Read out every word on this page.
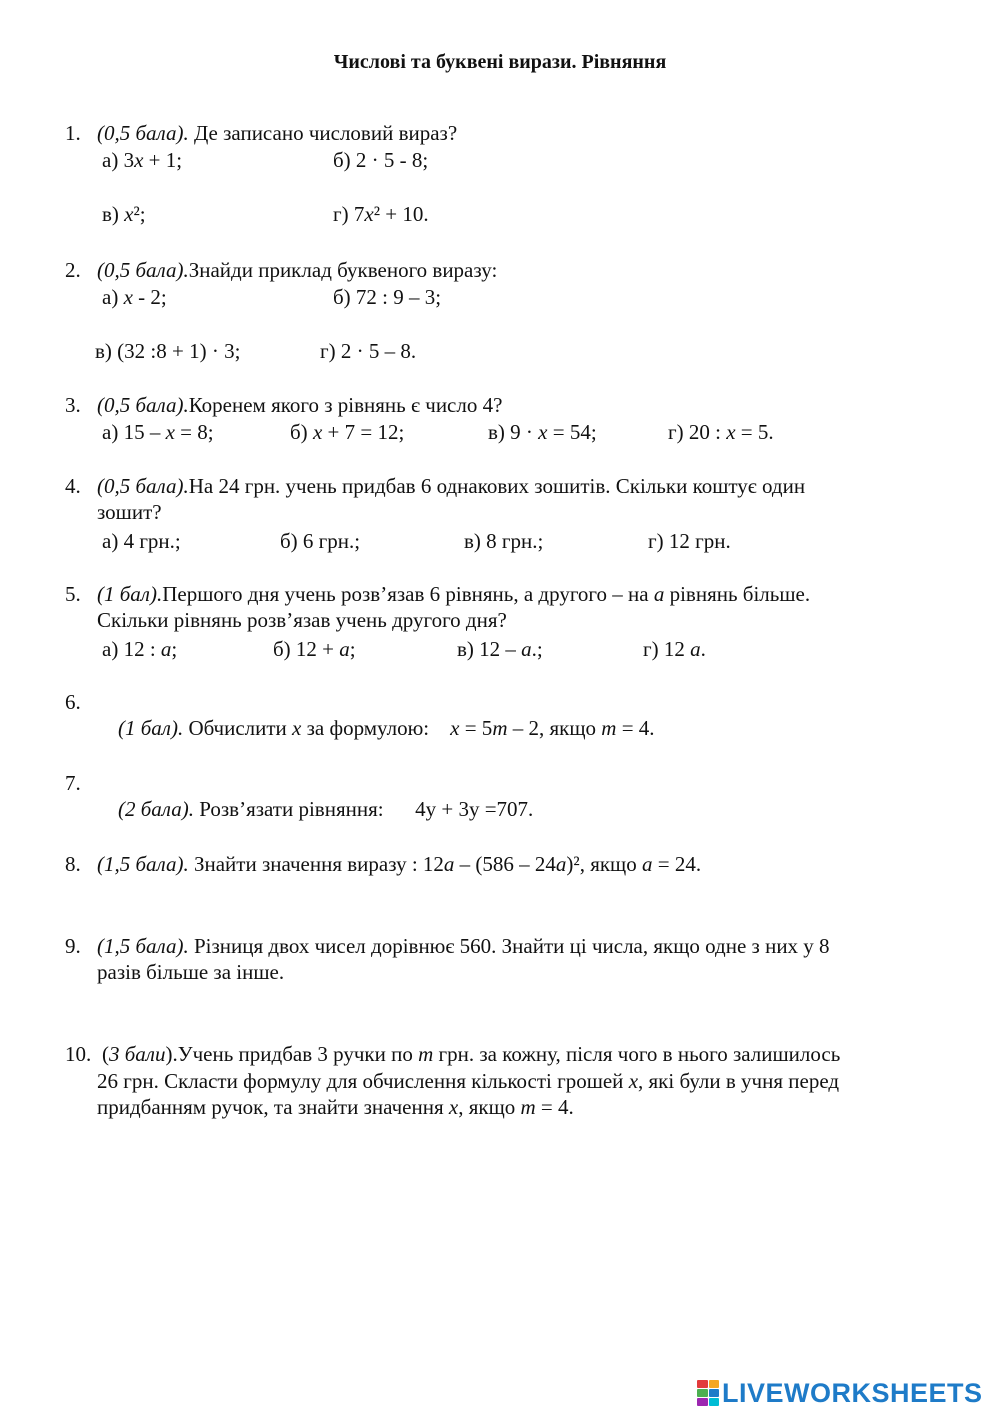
Числові та буквені вирази. Рівняння
1. (0,5 бала). Де записано числовий вираз?
а) 3x + 1;	б) 2 · 5 - 8;
в) x²;	г) 7x² + 10.
2. (0,5 бала).Знайди приклад буквеного виразу:
а) x - 2;	б) 72 : 9 – 3;
в) (32 :8 + 1) · 3;	г) 2 · 5 – 8.
3. (0,5 бала).Коренем якого з рівнянь є число 4?
а) 15 – x = 8;	б) x + 7 = 12;	в) 9 · x = 54;	г) 20 : x = 5.
4. (0,5 бала).На 24 грн. учень придбав 6 однакових зошитів. Скільки коштує один
зошит?
а) 4 грн.;	б) 6 грн.;	в) 8 грн.;	г) 12 грн.
5. (1 бал).Першого дня учень розв’язав 6 рівнянь, а другого – на a рівнянь більше.
Скільки рівнянь розв’язав учень другого дня?
а) 12 : a;	б) 12 + a;	в) 12 – a.;	г) 12 a.
6.

(1 бал). Обчислити x за формулою:    x = 5m – 2, якщо m = 4.

7.

(2 бала). Розв’язати рівняння:      4у + 3у =707.

8. (1,5 бала). Знайти значення виразу : 12a – (586 – 24a)², якщо a = 24.
9. (1,5 бала). Різниця двох чисел дорівнює 560. Знайти ці числа, якщо одне з них у 8
разів більше за інше.
10. (3 бали).Учень придбав 3 ручки по m грн. за кожну, після чого в нього залишилось
26 грн. Скласти формулу для обчислення кількості грошей x, які були в учня перед
придбанням ручок, та знайти значення x, якщо m = 4.
LIVEWORKSHEETS
